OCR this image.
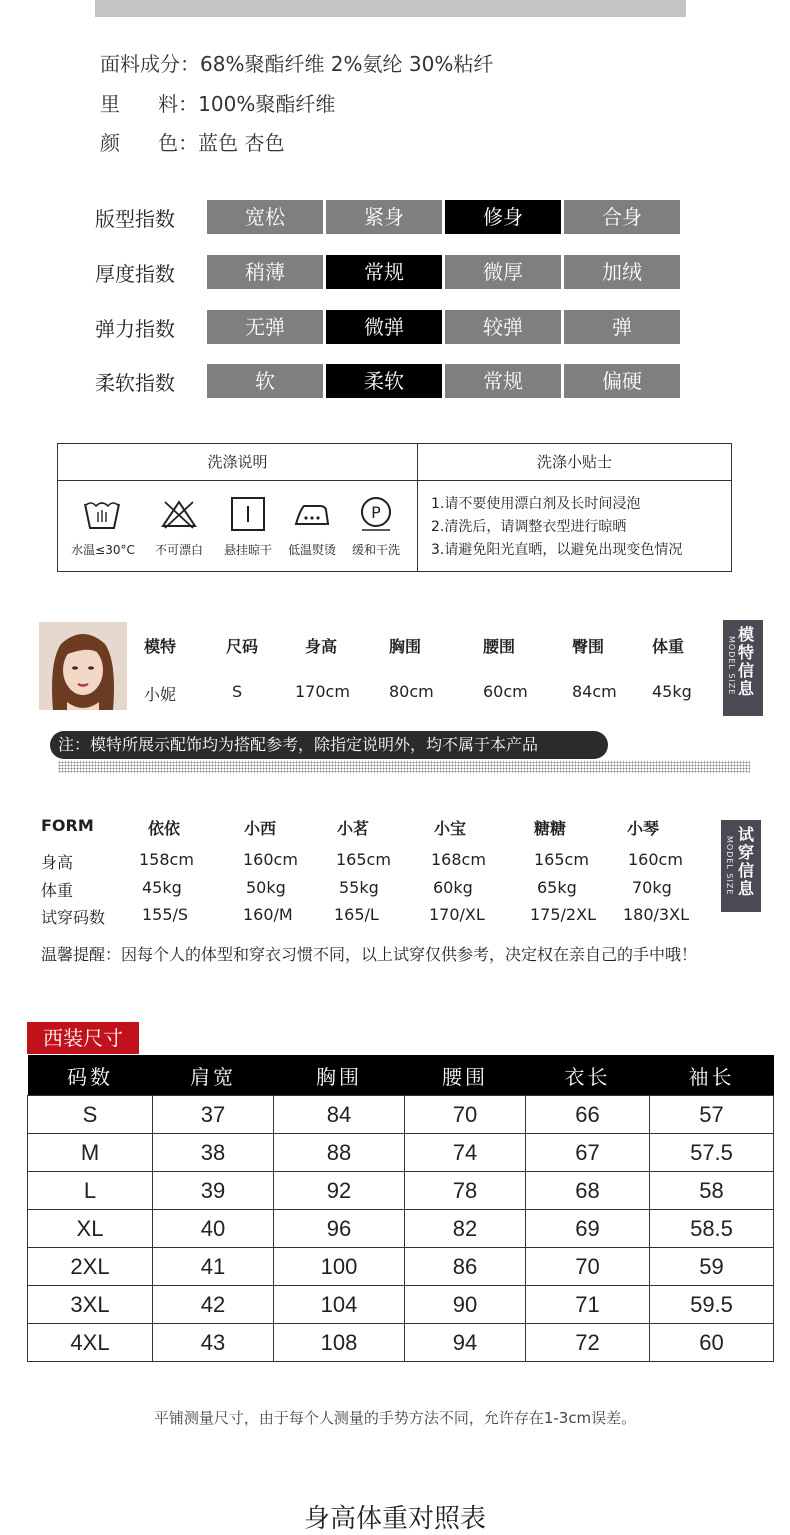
面料成分：68%聚酯纤维 2%氨纶 30%粘纤
里      料：100%聚酯纤维
颜      色：蓝色 杏色
版型指数	宽松	紧身	修身	合身
厚度指数	稍薄	常规	微厚	加绒
弹力指数	无弹	微弹	较弹	弹
柔软指数	软	柔软	常规	偏硬
洗涤说明	洗涤小贴士
P
水温≤30°C	不可漂白	悬挂晾干	低温熨烫	缓和干洗
1.请不要使用漂白剂及长时间浸泡
2.清洗后，请调整衣型进行晾晒
3.请避免阳光直晒，以避免出现变色情况
模特	尺码	身高	胸围	腰围	臀围	体重
小妮	S	170cm 80cm	60cm	84cm 45kg
模特信息
MODEL SIZE
注：模特所展示配饰均为搭配参考，除指定说明外，均不属于本产品
FORM	依依	小西	小茗	小宝	糖糖	小琴
身高	158cm	160cm 165cm	168cm	165cm 160cm
体重	45kg	50kg	55kg	60kg	65kg	70kg
试穿码数 155/S	160/M	165/L	170/XL	175/2XL 180/3XL
试穿信息
MODEL SIZE
温馨提醒：因每个人的体型和穿衣习惯不同，以上试穿仅供参考，决定权在亲自己的手中哦！
西装尺寸
码数	肩宽	胸围	腰围	衣长	袖长
S	37	84	70	66	57
M	38	88	74	67	57.5
L	39	92	78	68	58
XL	40	96	82	69	58.5
2XL	41	100	86	70	59
3XL	42	104	90	71	59.5
4XL	43	108	94	72	60
平铺测量尺寸，由于每个人测量的手势方法不同，允许存在1-3cm误差。
身高体重对照表
